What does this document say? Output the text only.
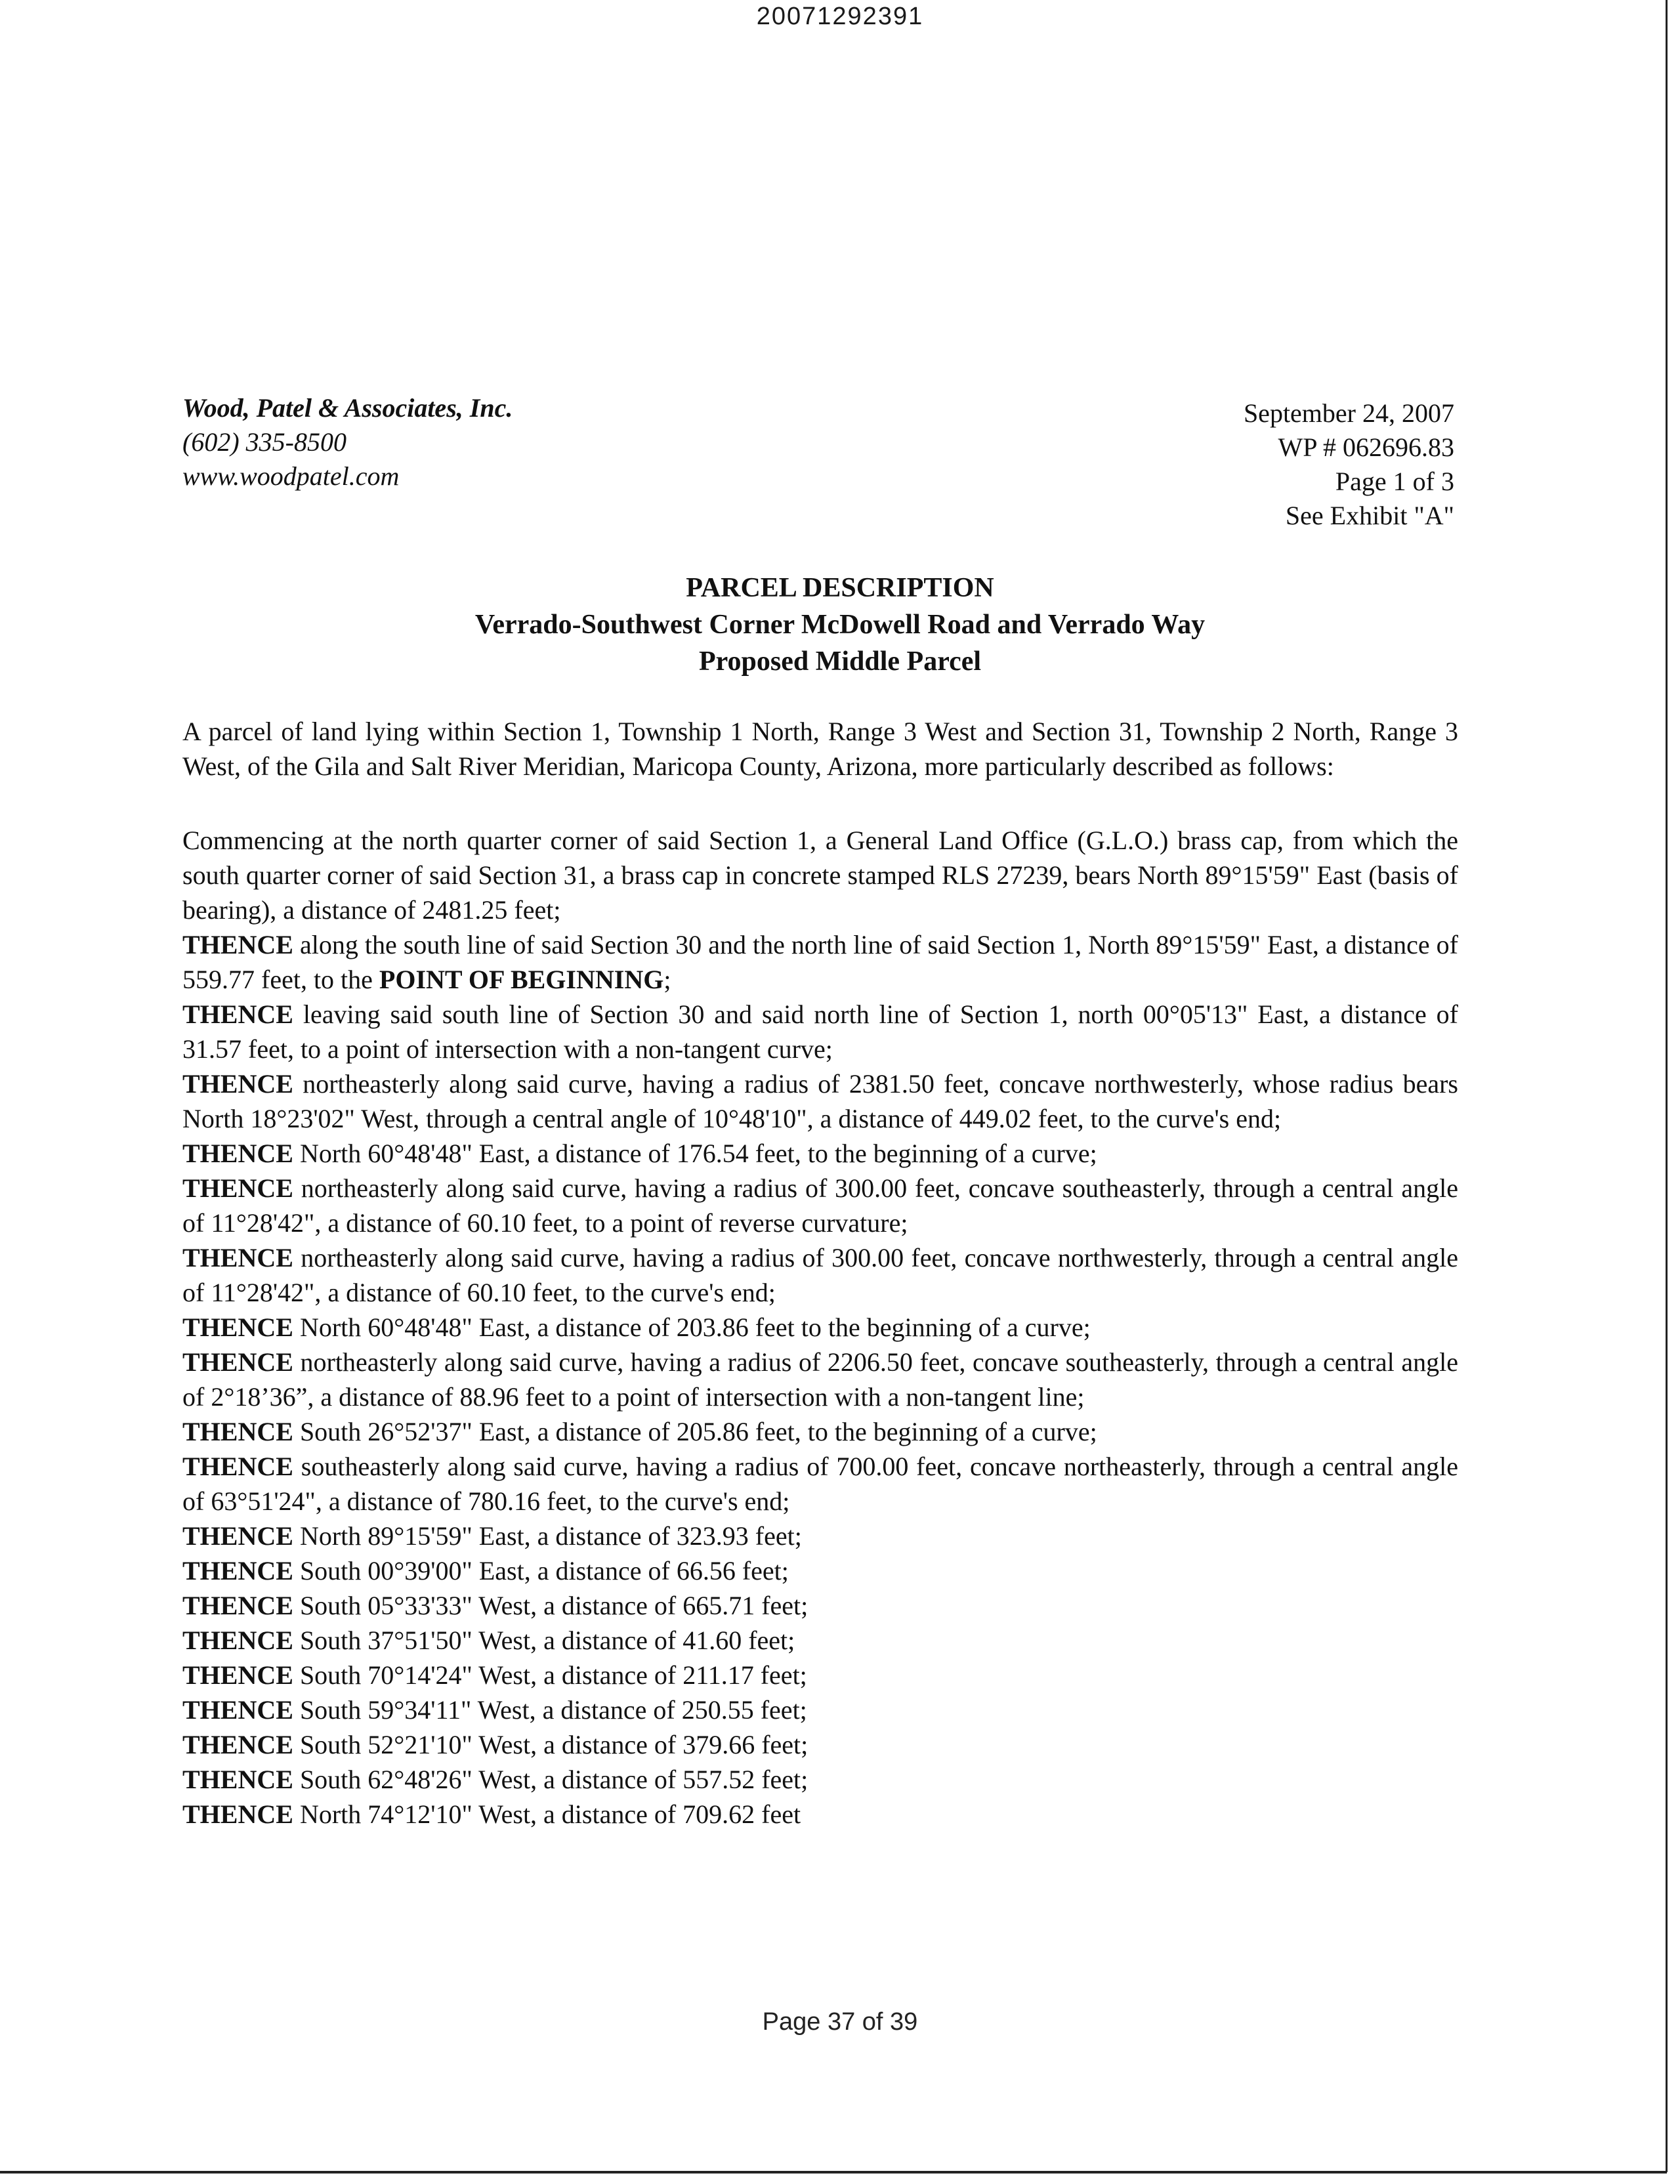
20071292391
Wood, Patel & Associates, Inc.
(602) 335-8500
www.woodpatel.com
September 24, 2007
WP # 062696.83
Page 1 of 3
See Exhibit "A"
PARCEL DESCRIPTION
Verrado-Southwest Corner McDowell Road and Verrado Way
Proposed Middle Parcel

A parcel of land lying within Section 1, Township 1 North, Range 3 West and Section 31, Township 2 North, Range 3 West, of the Gila and Salt River Meridian, Maricopa County, Arizona, more particularly described as follows:

Commencing at the north quarter corner of said Section 1, a General Land Office (G.L.O.) brass cap, from which the south quarter corner of said Section 31, a brass cap in concrete stamped RLS 27239, bears North 89°15'59" East (basis of bearing), a distance of 2481.25 feet;

THENCE along the south line of said Section 30 and the north line of said Section 1, North 89°15'59" East, a distance of 559.77 feet, to the POINT OF BEGINNING;

THENCE leaving said south line of Section 30 and said north line of Section 1, north 00°05'13" East, a distance of 31.57 feet, to a point of intersection with a non-tangent curve;

THENCE northeasterly along said curve, having a radius of 2381.50 feet, concave northwesterly, whose radius bears North 18°23'02" West, through a central angle of 10°48'10", a distance of 449.02 feet, to the curve's end;

THENCE North 60°48'48" East, a distance of 176.54 feet, to the beginning of a curve;

THENCE northeasterly along said curve, having a radius of 300.00 feet, concave southeasterly, through a central angle of 11°28'42", a distance of 60.10 feet, to a point of reverse curvature;

THENCE northeasterly along said curve, having a radius of 300.00 feet, concave northwesterly, through a central angle of 11°28'42", a distance of 60.10 feet, to the curve's end;

THENCE North 60°48'48" East, a distance of 203.86 feet to the beginning of a curve;

THENCE northeasterly along said curve, having a radius of 2206.50 feet, concave southeasterly, through a central angle of 2°18’36”, a distance of 88.96 feet to a point of intersection with a non-tangent line;

THENCE South 26°52'37" East, a distance of 205.86 feet, to the beginning of a curve;

THENCE southeasterly along said curve, having a radius of 700.00 feet, concave northeasterly, through a central angle of 63°51'24", a distance of 780.16 feet, to the curve's end;

THENCE North 89°15'59" East, a distance of 323.93 feet;

THENCE South 00°39'00" East, a distance of 66.56 feet;

THENCE South 05°33'33" West, a distance of 665.71 feet;

THENCE South 37°51'50" West, a distance of 41.60 feet;

THENCE South 70°14'24" West, a distance of 211.17 feet;

THENCE South 59°34'11" West, a distance of 250.55 feet;

THENCE South 52°21'10" West, a distance of 379.66 feet;

THENCE South 62°48'26" West, a distance of 557.52 feet;

THENCE North 74°12'10" West, a distance of 709.62 feet

Page 37 of 39
